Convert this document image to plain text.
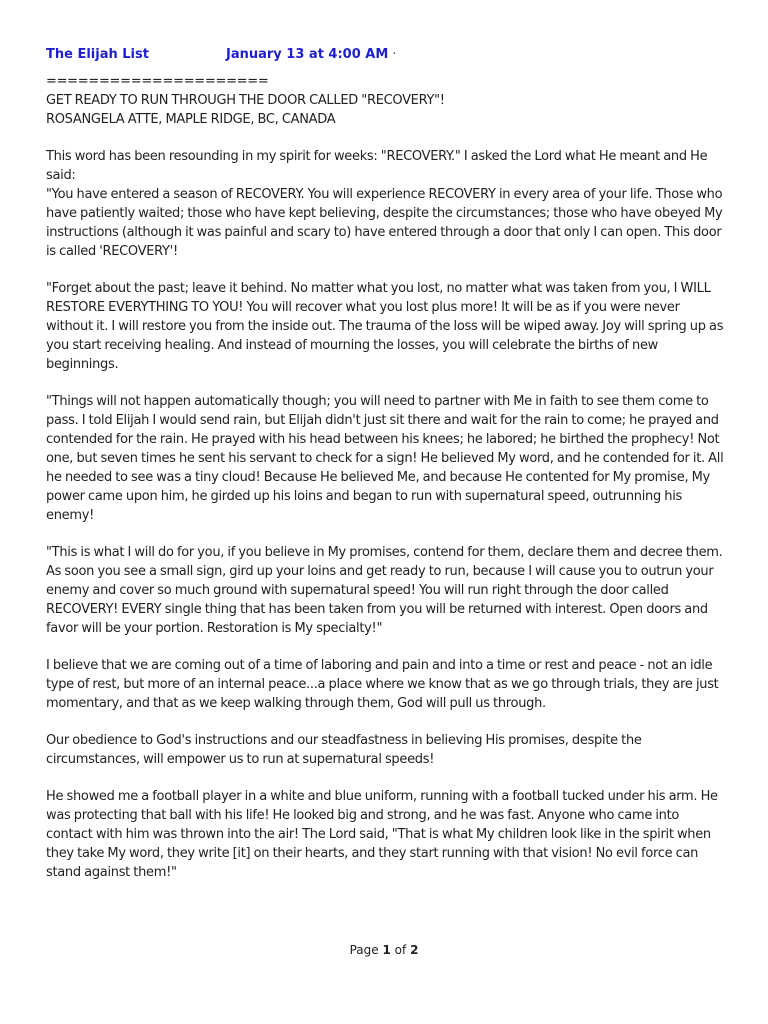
The Elijah List	January 13 at 4:00 AM ·

=====================

GET READY TO RUN THROUGH THE DOOR CALLED "RECOVERY"!

ROSANGELA ATTE, MAPLE RIDGE, BC, CANADA

This word has been resounding in my spirit for weeks: "RECOVERY." I asked the Lord what He meant and He said:

"You have entered a season of RECOVERY. You will experience RECOVERY in every area of your life. Those who have patiently waited; those who have kept believing, despite the circumstances; those who have obeyed My instructions (although it was painful and scary to) have entered through a door that only I can open. This door is called 'RECOVERY'!

"Forget about the past; leave it behind. No matter what you lost, no matter what was taken from you, I WILL RESTORE EVERYTHING TO YOU! You will recover what you lost plus more! It will be as if you were never without it. I will restore you from the inside out. The trauma of the loss will be wiped away. Joy will spring up as you start receiving healing. And instead of mourning the losses, you will celebrate the births of new beginnings.

"Things will not happen automatically though; you will need to partner with Me in faith to see them come to pass. I told Elijah I would send rain, but Elijah didn't just sit there and wait for the rain to come; he prayed and contended for the rain. He prayed with his head between his knees; he labored; he birthed the prophecy! Not one, but seven times he sent his servant to check for a sign! He believed My word, and he contended for it. All he needed to see was a tiny cloud! Because He believed Me, and because He contented for My promise, My power came upon him, he girded up his loins and began to run with supernatural speed, outrunning his enemy!

"This is what I will do for you, if you believe in My promises, contend for them, declare them and decree them. As soon you see a small sign, gird up your loins and get ready to run, because I will cause you to outrun your enemy and cover so much ground with supernatural speed! You will run right through the door called RECOVERY! EVERY single thing that has been taken from you will be returned with interest. Open doors and favor will be your portion. Restoration is My specialty!"

I believe that we are coming out of a time of laboring and pain and into a time or rest and peace - not an idle type of rest, but more of an internal peace...a place where we know that as we go through trials, they are just momentary, and that as we keep walking through them, God will pull us through.

Our obedience to God's instructions and our steadfastness in believing His promises, despite the circumstances, will empower us to run at supernatural speeds!

He showed me a football player in a white and blue uniform, running with a football tucked under his arm. He was protecting that ball with his life! He looked big and strong, and he was fast. Anyone who came into contact with him was thrown into the air! The Lord said, "That is what My children look like in the spirit when they take My word, they write [it] on their hearts, and they start running with that vision! No evil force can stand against them!"

Page 1 of 2
